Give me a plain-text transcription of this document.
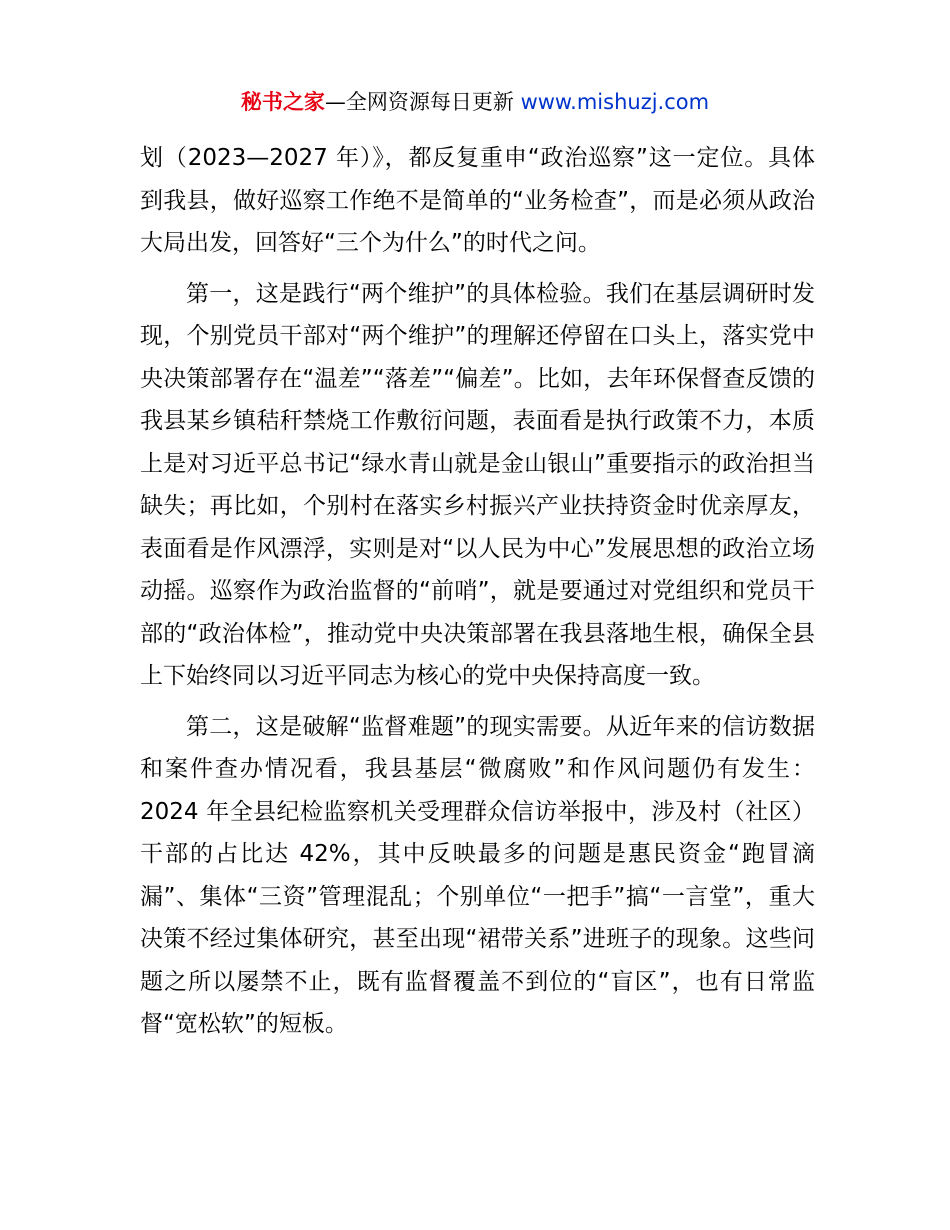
秘书之家—全网资源每日更新 www.mishuzj.com

划（2023—2027 年）》，都反复重申“政治巡察”这一定位。具体到我县，做好巡察工作绝不是简单的“业务检查”，而是必须从政治大局出发，回答好“三个为什么”的时代之问。

第一，这是践行“两个维护”的具体检验。我们在基层调研时发现，个别党员干部对“两个维护”的理解还停留在口头上，落实党中央决策部署存在“温差”“落差”“偏差”。比如，去年环保督查反馈的我县某乡镇秸秆禁烧工作敷衍问题，表面看是执行政策不力，本质上是对习近平总书记“绿水青山就是金山银山”重要指示的政治担当缺失；再比如，个别村在落实乡村振兴产业扶持资金时优亲厚友，表面看是作风漂浮，实则是对“以人民为中心”发展思想的政治立场动摇。巡察作为政治监督的“前哨”，就是要通过对党组织和党员干部的“政治体检”，推动党中央决策部署在我县落地生根，确保全县上下始终同以习近平同志为核心的党中央保持高度一致。

第二，这是破解“监督难题”的现实需要。从近年来的信访数据和案件查办情况看，我县基层“微腐败”和作风问题仍有发生：2024 年全县纪检监察机关受理群众信访举报中，涉及村（社区）干部的占比达 42%，其中反映最多的问题是惠民资金“跑冒滴漏”、集体“三资”管理混乱；个别单位“一把手”搞“一言堂”，重大决策不经过集体研究，甚至出现“裙带关系”进班子的现象。这些问题之所以屡禁不止，既有监督覆盖不到位的“盲区”，也有日常监督“宽松软”的短板。
